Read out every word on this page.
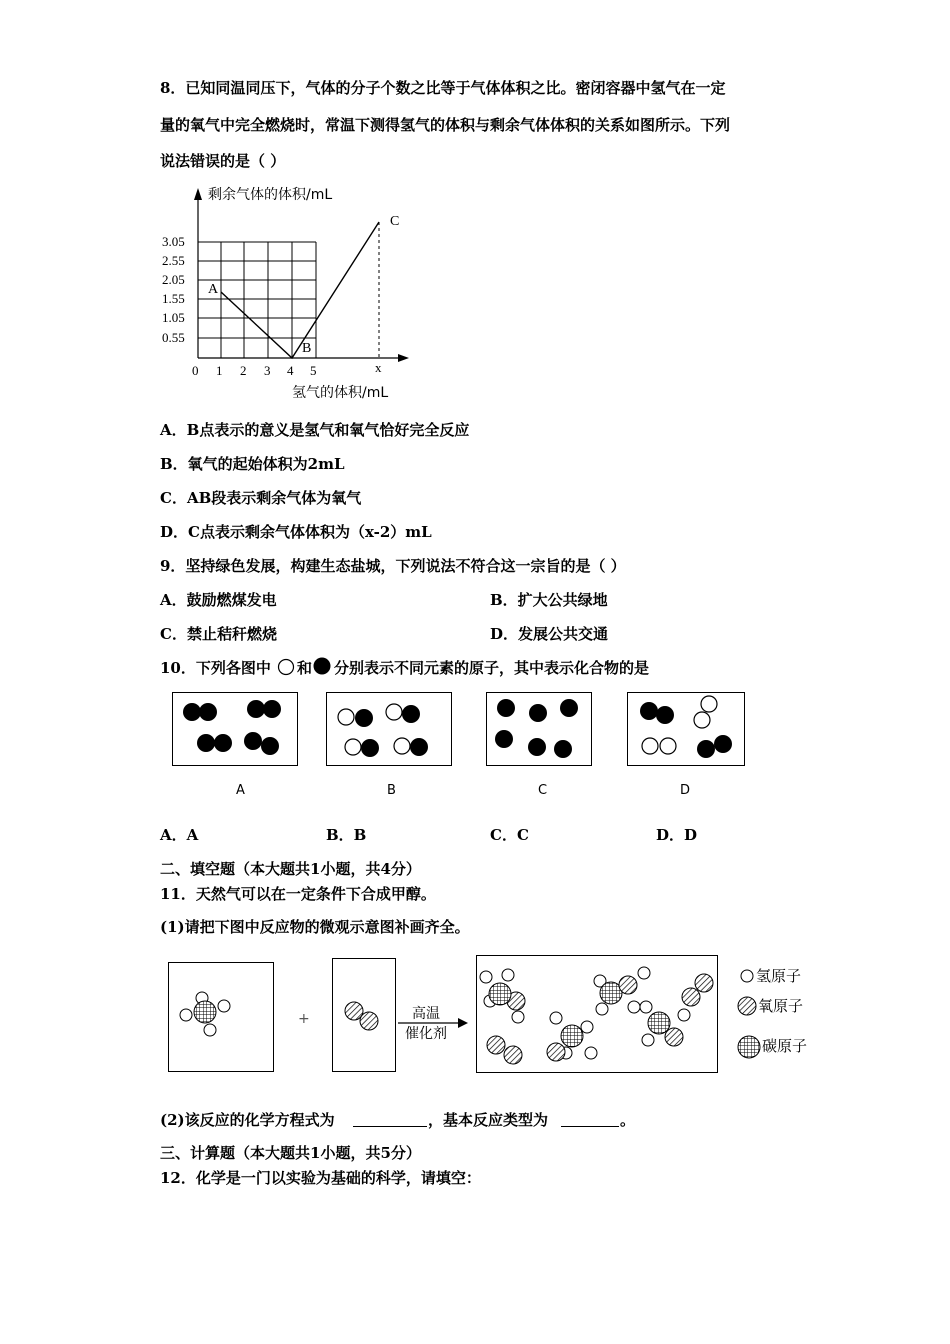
8．已知同温同压下，气体的分子个数之比等于气体体积之比。密闭容器中氢气在一定
量的氧气中完全燃烧时，常温下测得氢气的体积与剩余气体体积的关系如图所示。下列
说法错误的是（ ）
剩余气体的体积/mL
氢气的体积/mL
3.05
2.55
2.05
1.55
1.05
0.55
0 1 2 3 4 5	x
A
B
C
A．B点表示的意义是氢气和氧气恰好完全反应
B．氧气的起始体积为2mL
C．AB段表示剩余气体为氧气
D．C点表示剩余气体体积为（x-2）mL
9．坚持绿色发展，构建生态盐城，下列说法不符合这一宗旨的是（ ）
A．鼓励燃煤发电	B．扩大公共绿地
C．禁止秸秆燃烧	D．发展公共交通
10．下列各图中 和 分别表示不同元素的原子，其中表示化合物的是
A	B	C	D
A．A	B．B	C．C	D．D
二、填空题（本大题共1小题，共4分）
11．天然气可以在一定条件下合成甲醇。
(1)请把下图中反应物的微观示意图补画齐全。
+	高温
催化剂
氢原子
氧原子
碳原子
(2)该反应的化学方程式为	，基本反应类型为	。
三、计算题（本大题共1小题，共5分）
12．化学是一门以实验为基础的科学，请填空：
